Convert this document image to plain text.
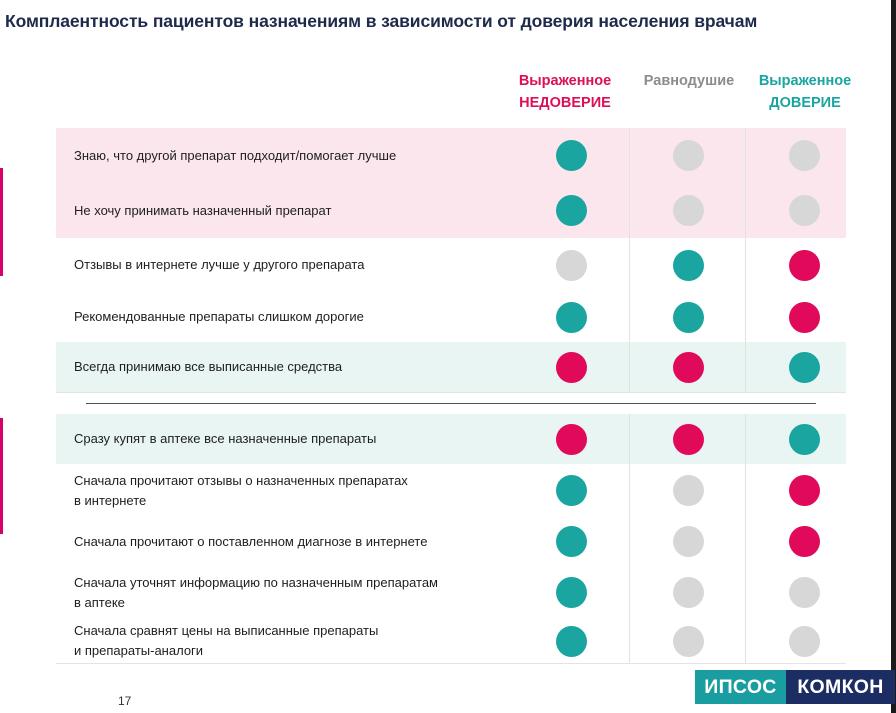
Комплаентность пациентов назначениям в зависимости от доверия населения врачам
Выраженное
НЕДОВЕРИЕ
Равнодушие	Выраженное
ДОВЕРИЕ
Знаю, что другой препарат подходит/помогает лучше
Не хочу принимать назначенный препарат
Отзывы в интернете лучше у другого препарата
Рекомендованные препараты слишком дорогие
Всегда принимаю все выписанные средства
Сразу купят в аптеке все назначенные препараты
Сначала прочитают отзывы о назначенных препаратах
в интернете
Сначала прочитают о поставленном диагнозе в интернете
Сначала уточнят информацию по назначенным препаратам
в аптеке
Сначала сравнят цены на выписанные препараты
и препараты-аналоги
17
ИПСОС	КОМКОН
